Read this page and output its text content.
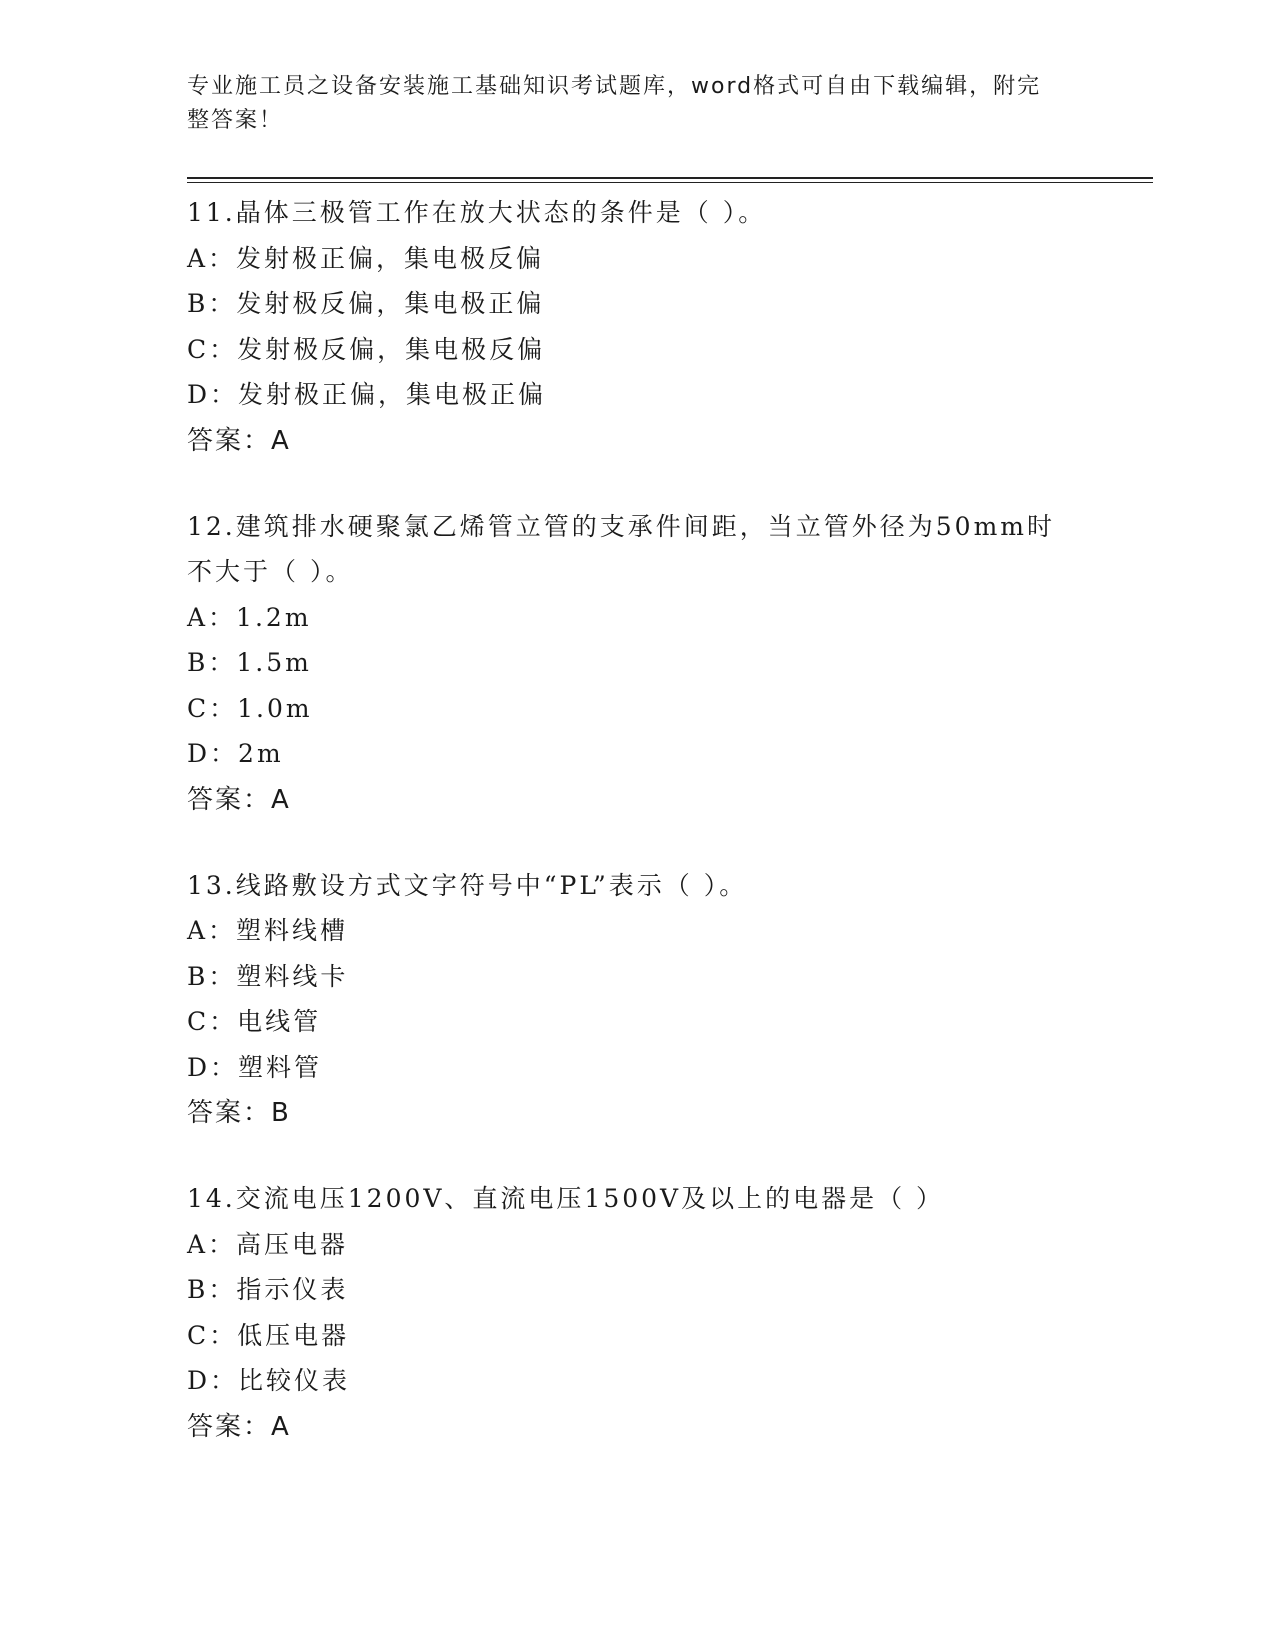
专业施工员之设备安装施工基础知识考试题库，word格式可自由下载编辑，附完
整答案！
11.晶体三极管工作在放大状态的条件是（ ）。
A：发射极正偏，集电极反偏
B：发射极反偏，集电极正偏
C：发射极反偏，集电极反偏
D：发射极正偏，集电极正偏
答案：A
12.建筑排水硬聚氯乙烯管立管的支承件间距，当立管外径为50mm时
不大于（ ）。
A：1.2m
B：1.5m
C：1.0m
D：2m
答案：A
13.线路敷设方式文字符号中“PL”表示（ ）。
A：塑料线槽
B：塑料线卡
C：电线管
D：塑料管
答案：B
14.交流电压1200V、直流电压1500V及以上的电器是（ ）
A：高压电器
B：指示仪表
C：低压电器
D：比较仪表
答案：A
